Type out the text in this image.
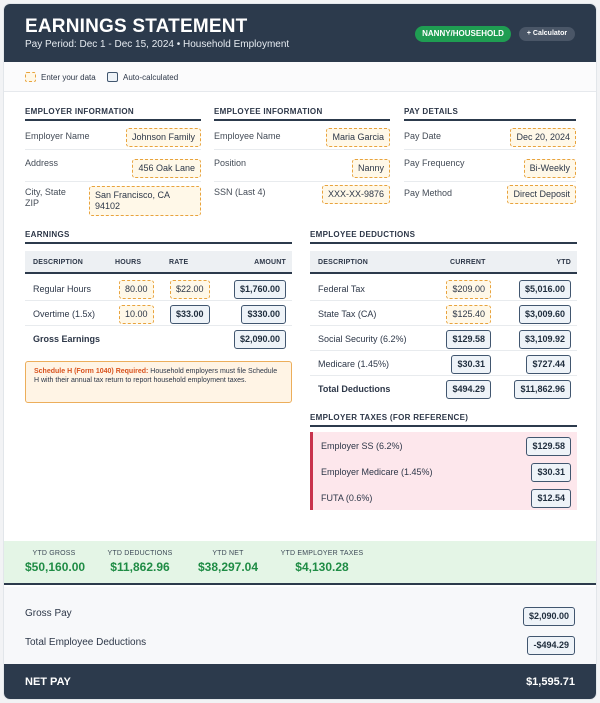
EARNINGS STATEMENT
Pay Period: Dec 1 - Dec 15, 2024 • Household Employment
NANNY/HOUSEHOLD	+ Calculator
Enter your data	Auto-calculated
EMPLOYER INFORMATION
Employer Name	Johnson Family
Address	456 Oak Lane
City, State ZIP
San Francisco, CA 94102
EMPLOYEE INFORMATION
Employee Name	Maria Garcia
Position	Nanny
SSN (Last 4)	XXX-XX-9876
PAY DETAILS
Pay Date	Dec 20, 2024
Pay Frequency	Bi-Weekly
Pay Method	Direct Deposit
EARNINGS
DESCRIPTION	HOURS	RATE	AMOUNT
Regular Hours	80.00	$22.00	$1,760.00
Overtime (1.5x)	10.00	$33.00	$330.00
Gross Earnings	$2,090.00
Schedule H (Form 1040) Required: Household employers must file Schedule H with their annual tax return to report household employment taxes.
EMPLOYEE DEDUCTIONS
DESCRIPTION	CURRENT	YTD
Federal Tax	$209.00	$5,016.00
State Tax (CA)	$125.40	$3,009.60
Social Security (6.2%)	$129.58	$3,109.92
Medicare (1.45%)	$30.31	$727.44
Total Deductions	$494.29	$11,862.96
EMPLOYER TAXES (FOR REFERENCE)
Employer SS (6.2%)	$129.58
Employer Medicare (1.45%)	$30.31
FUTA (0.6%)	$12.54
YTD GROSS
$50,160.00
YTD DEDUCTIONS
$11,862.96
YTD NET
$38,297.04
YTD EMPLOYER TAXES
$4,130.28
Gross Pay	$2,090.00
Total Employee Deductions	-$494.29
NET PAY	$1,595.71
